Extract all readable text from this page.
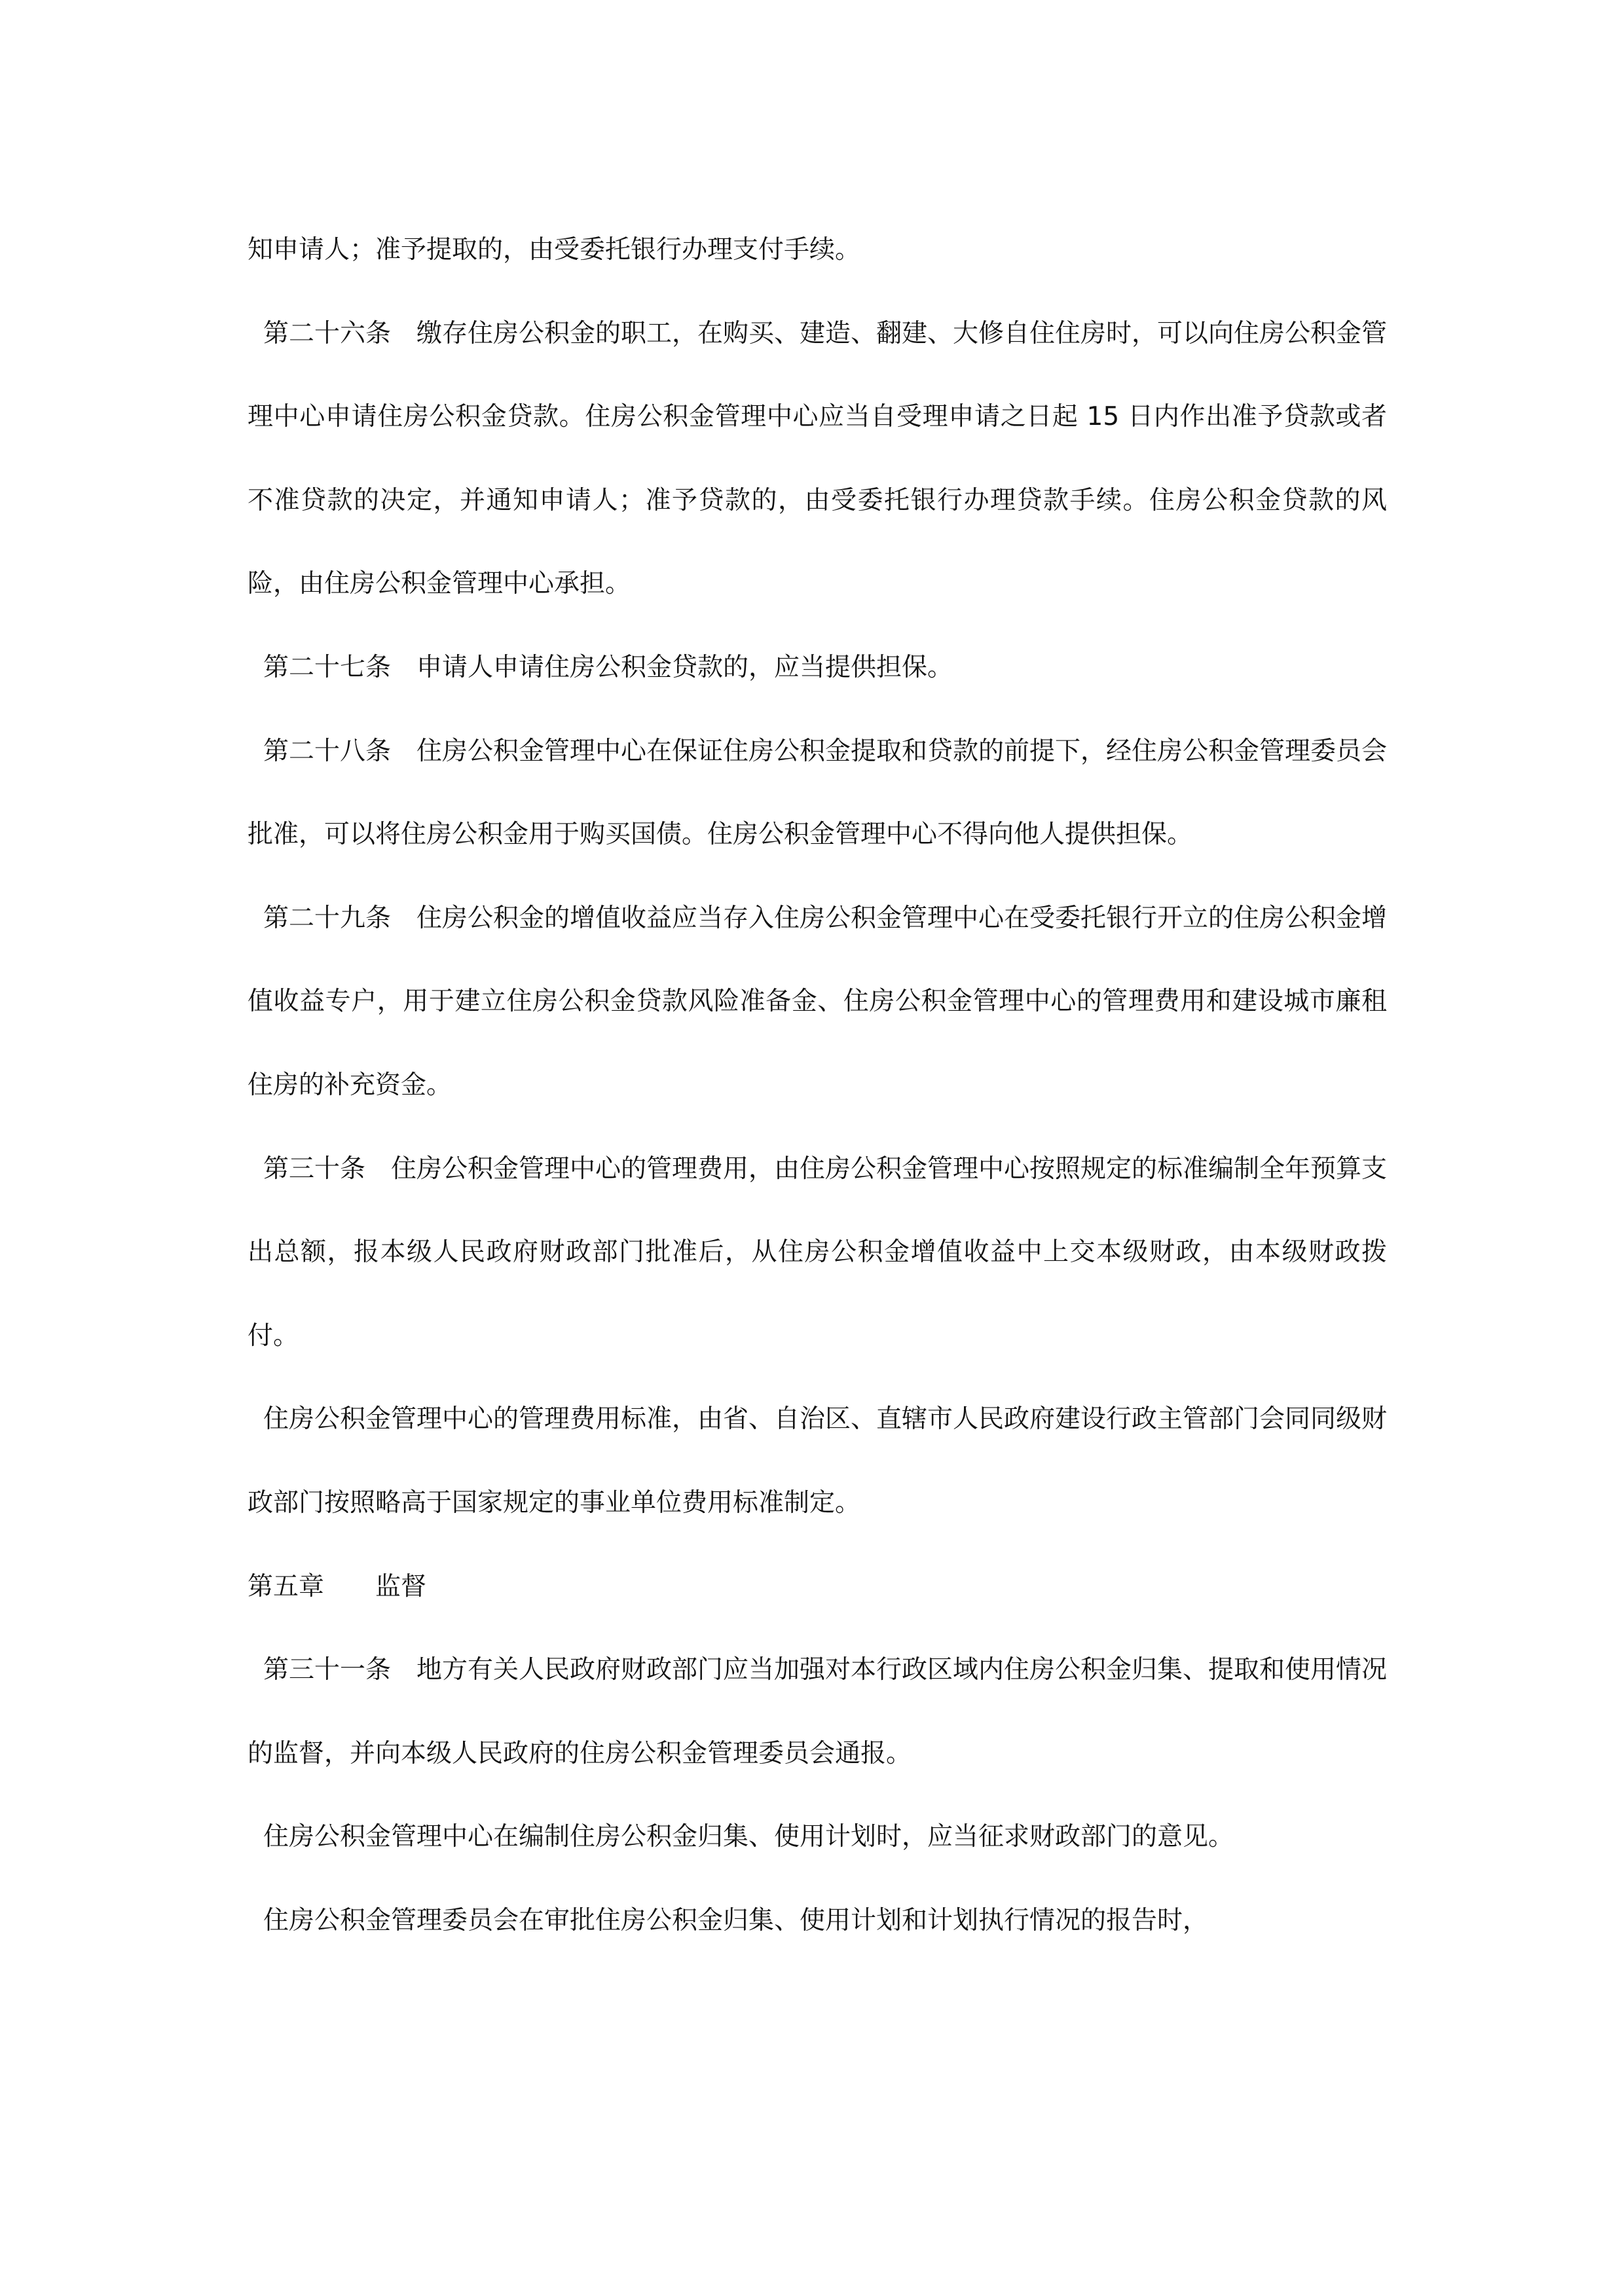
知申请人；准予提取的，由受委托银行办理支付手续。

第二十六条　缴存住房公积金的职工，在购买、建造、翻建、大修自住住房时，可以向住房公积金管理中心申请住房公积金贷款。住房公积金管理中心应当自受理申请之日起 15 日内作出准予贷款或者不准贷款的决定，并通知申请人；准予贷款的，由受委托银行办理贷款手续。住房公积金贷款的风险，由住房公积金管理中心承担。

第二十七条　申请人申请住房公积金贷款的，应当提供担保。

第二十八条　住房公积金管理中心在保证住房公积金提取和贷款的前提下，经住房公积金管理委员会批准，可以将住房公积金用于购买国债。住房公积金管理中心不得向他人提供担保。

第二十九条　住房公积金的增值收益应当存入住房公积金管理中心在受委托银行开立的住房公积金增值收益专户，用于建立住房公积金贷款风险准备金、住房公积金管理中心的管理费用和建设城市廉租住房的补充资金。

第三十条　住房公积金管理中心的管理费用，由住房公积金管理中心按照规定的标准编制全年预算支出总额，报本级人民政府财政部门批准后，从住房公积金增值收益中上交本级财政，由本级财政拨付。

住房公积金管理中心的管理费用标准，由省、自治区、直辖市人民政府建设行政主管部门会同同级财政部门按照略高于国家规定的事业单位费用标准制定。

第五章　　监督

第三十一条　地方有关人民政府财政部门应当加强对本行政区域内住房公积金归集、提取和使用情况的监督，并向本级人民政府的住房公积金管理委员会通报。

住房公积金管理中心在编制住房公积金归集、使用计划时，应当征求财政部门的意见。

住房公积金管理委员会在审批住房公积金归集、使用计划和计划执行情况的报告时，
